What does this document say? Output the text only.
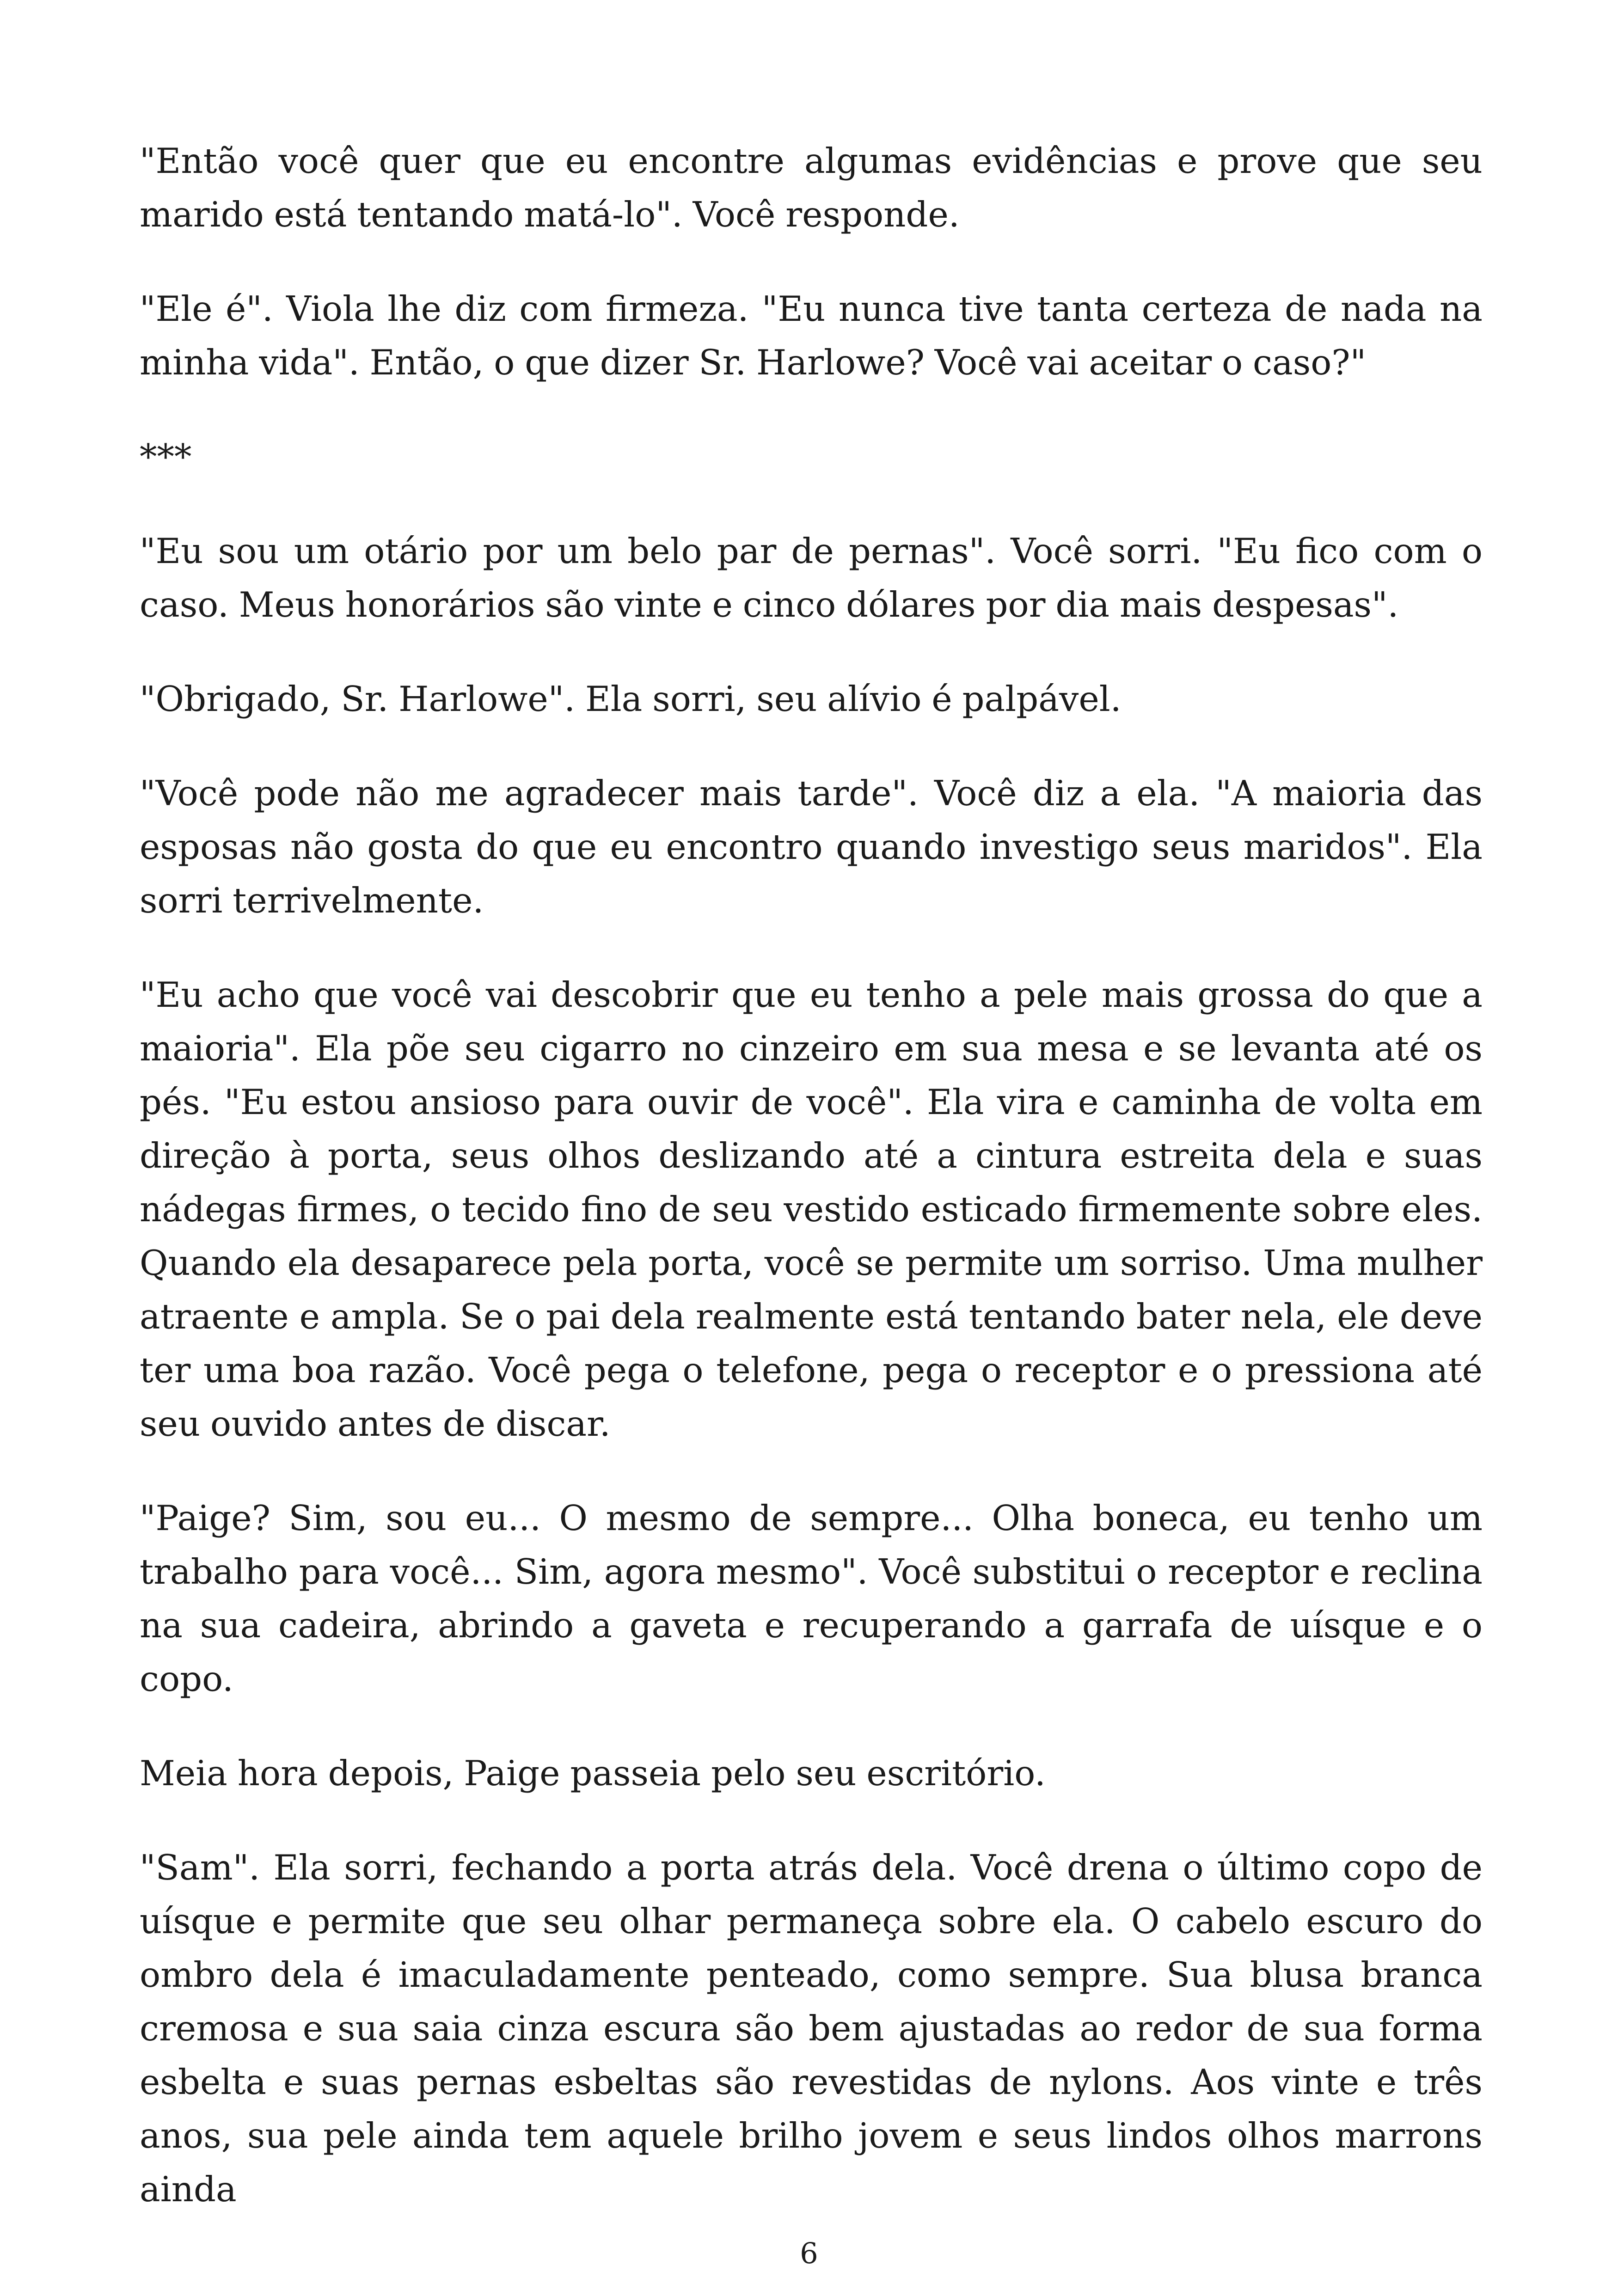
"Então você quer que eu encontre algumas evidências e prove que seu marido está tentando matá-lo". Você responde.

"Ele é". Viola lhe diz com firmeza. "Eu nunca tive tanta certeza de nada na minha vida". Então, o que dizer Sr. Harlowe? Você vai aceitar o caso?"

***

"Eu sou um otário por um belo par de pernas". Você sorri. "Eu fico com o caso. Meus honorários são vinte e cinco dólares por dia mais despesas".

"Obrigado, Sr. Harlowe". Ela sorri, seu alívio é palpável.

"Você pode não me agradecer mais tarde". Você diz a ela. "A maioria das esposas não gosta do que eu encontro quando investigo seus maridos". Ela sorri terrivelmente.

"Eu acho que você vai descobrir que eu tenho a pele mais grossa do que a maioria". Ela põe seu cigarro no cinzeiro em sua mesa e se levanta até os pés. "Eu estou ansioso para ouvir de você". Ela vira e caminha de volta em direção à porta, seus olhos deslizando até a cintura estreita dela e suas nádegas firmes, o tecido fino de seu vestido esticado firmemente sobre eles. Quando ela desaparece pela porta, você se permite um sorriso. Uma mulher atraente e ampla. Se o pai dela realmente está tentando bater nela, ele deve ter uma boa razão. Você pega o telefone, pega o receptor e o pressiona até seu ouvido antes de discar.

"Paige? Sim, sou eu... O mesmo de sempre... Olha boneca, eu tenho um trabalho para você... Sim, agora mesmo". Você substitui o receptor e reclina na sua cadeira, abrindo a gaveta e recuperando a garrafa de uísque e o copo.

Meia hora depois, Paige passeia pelo seu escritório.

"Sam". Ela sorri, fechando a porta atrás dela. Você drena o último copo de uísque e permite que seu olhar permaneça sobre ela. O cabelo escuro do ombro dela é imaculadamente penteado, como sempre. Sua blusa branca cremosa e sua saia cinza escura são bem ajustadas ao redor de sua forma esbelta e suas pernas esbeltas são revestidas de nylons. Aos vinte e três anos, sua pele ainda tem aquele brilho jovem e seus lindos olhos marrons ainda

6
